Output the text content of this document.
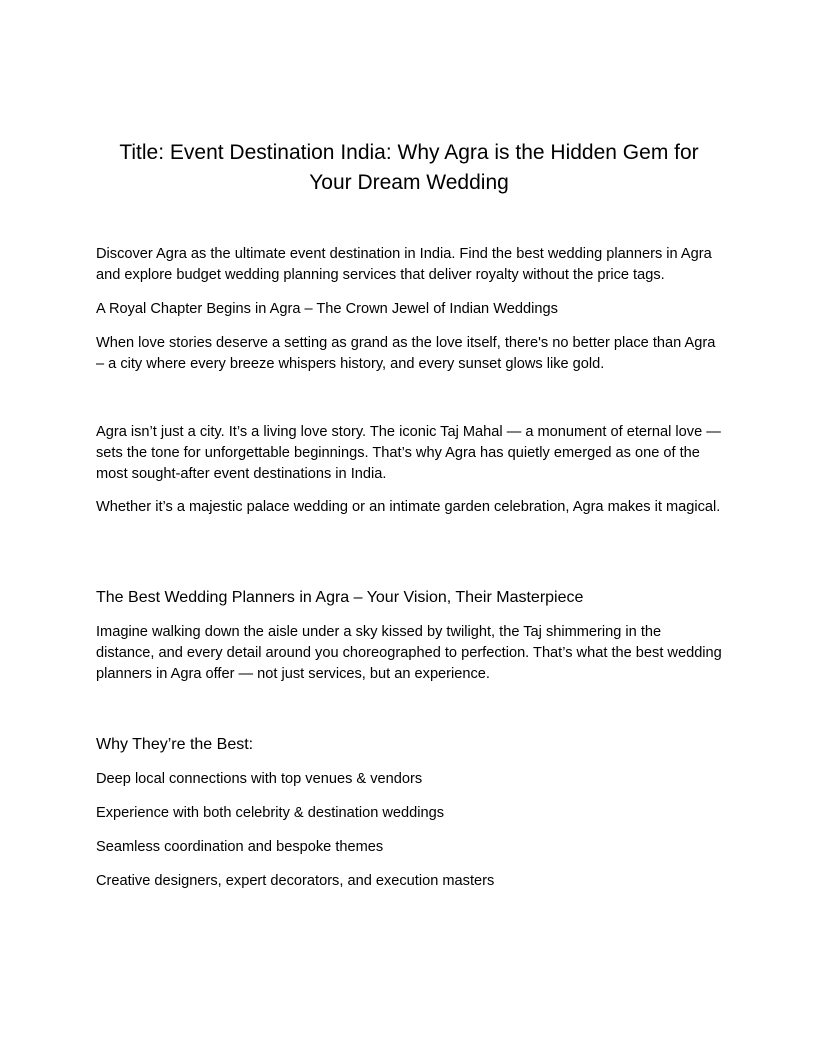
Title: Event Destination India: Why Agra is the Hidden Gem for Your Dream Wedding

Discover Agra as the ultimate event destination in India. Find the best wedding planners in Agra and explore budget wedding planning services that deliver royalty without the price tags.

A Royal Chapter Begins in Agra – The Crown Jewel of Indian Weddings

When love stories deserve a setting as grand as the love itself, there's no better place than Agra – a city where every breeze whispers history, and every sunset glows like gold.

Agra isn’t just a city. It’s a living love story. The iconic Taj Mahal — a monument of eternal love — sets the tone for unforgettable beginnings. That’s why Agra has quietly emerged as one of the most sought-after event destinations in India.

Whether it’s a majestic palace wedding or an intimate garden celebration, Agra makes it magical.

The Best Wedding Planners in Agra – Your Vision, Their Masterpiece

Imagine walking down the aisle under a sky kissed by twilight, the Taj shimmering in the distance, and every detail around you choreographed to perfection. That’s what the best wedding planners in Agra offer — not just services, but an experience.

Why They’re the Best:

Deep local connections with top venues & vendors

Experience with both celebrity & destination weddings

Seamless coordination and bespoke themes

Creative designers, expert decorators, and execution masters
